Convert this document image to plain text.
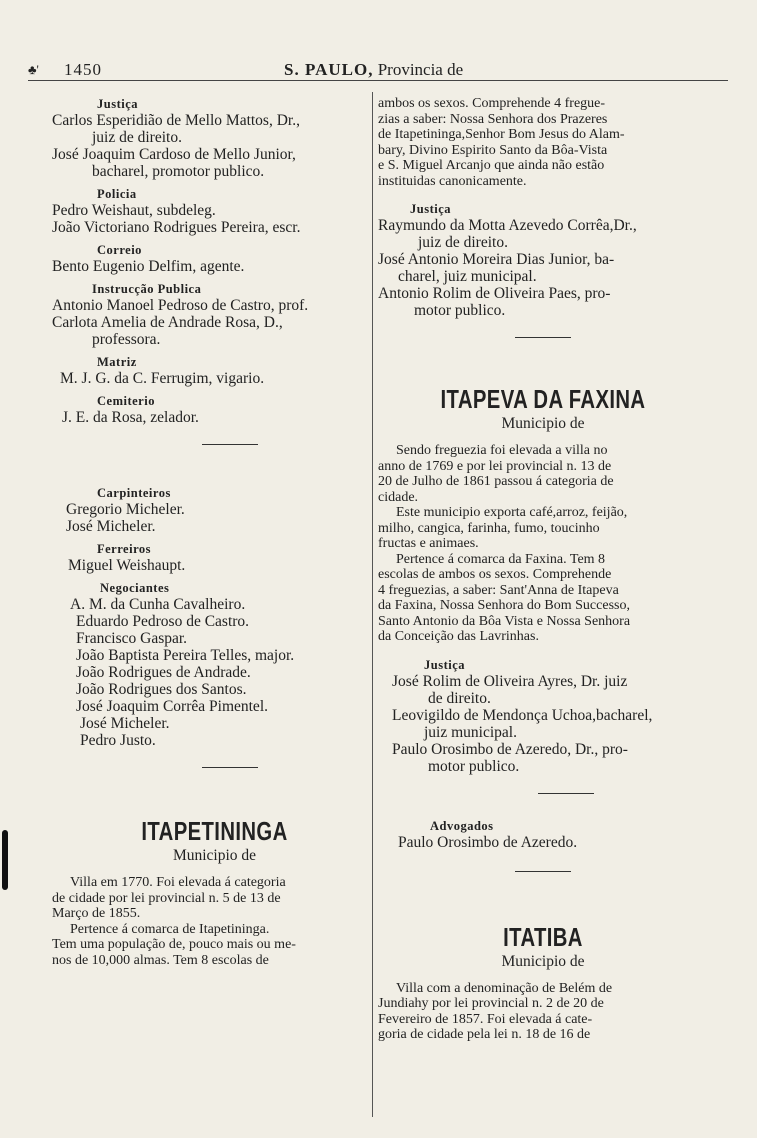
♣' 1450	S. PAULO, Provincia de
Justiça
Carlos Esperidião de Mello Mattos, Dr.,
juiz de direito.
José Joaquim Cardoso de Mello Junior,
bacharel, promotor publico.
Policia
Pedro Weishaut, subdeleg.
João Victoriano Rodrigues Pereira, escr.
Correio
Bento Eugenio Delfim, agente.
Instrucção Publica
Antonio Manoel Pedroso de Castro, prof.
Carlota Amelia de Andrade Rosa, D.,
professora.
Matriz
M. J. G. da C. Ferrugim, vigario.
Cemiterio
J. E. da Rosa, zelador.
Carpinteiros
Gregorio Micheler.
José Micheler.
Ferreiros
Miguel Weishaupt.
Negociantes
A. M. da Cunha Cavalheiro.
Eduardo Pedroso de Castro.
Francisco Gaspar.
João Baptista Pereira Telles, major.
João Rodrigues de Andrade.
João Rodrigues dos Santos.
José Joaquim Corrêa Pimentel.
José Micheler.
Pedro Justo.
ITAPETININGA
Municipio de
Villa em 1770. Foi elevada á categoria
de cidade por lei provincial n. 5 de 13 de
Março de 1855.
Pertence á comarca de Itapetininga.
Tem uma população de, pouco mais ou me-
nos de 10,000 almas. Tem 8 escolas de
ambos os sexos. Comprehende 4 fregue-
zias a saber: Nossa Senhora dos Prazeres
de Itapetininga,Senhor Bom Jesus do Alam-
bary, Divino Espirito Santo da Bôa-Vista
e S. Miguel Arcanjo que ainda não estão
instituidas canonicamente.
Justiça
Raymundo da Motta Azevedo Corrêa,Dr.,
juiz de direito.
José Antonio Moreira Dias Junior, ba-
charel, juiz municipal.
Antonio Rolim de Oliveira Paes, pro-
motor publico.
ITAPEVA DA FAXINA
Municipio de
Sendo freguezia foi elevada a villa no
anno de 1769 e por lei provincial n. 13 de
20 de Julho de 1861 passou á categoria de
cidade.
Este municipio exporta café,arroz, feijão,
milho, cangica, farinha, fumo, toucinho
fructas e animaes.
Pertence á comarca da Faxina. Tem 8
escolas de ambos os sexos. Comprehende
4 freguezias, a saber: Sant'Anna de Itapeva
da Faxina, Nossa Senhora do Bom Successo,
Santo Antonio da Bôa Vista e Nossa Senhora
da Conceição das Lavrinhas.
Justiça
José Rolim de Oliveira Ayres, Dr. juiz
de direito.
Leovigildo de Mendonça Uchoa,bacharel,
juiz municipal.
Paulo Orosimbo de Azeredo, Dr., pro-
motor publico.
Advogados
Paulo Orosimbo de Azeredo.
ITATIBA
Municipio de
Villa com a denominação de Belém de
Jundiahy por lei provincial n. 2 de 20 de
Fevereiro de 1857. Foi elevada á cate-
goria de cidade pela lei n. 18 de 16 de
